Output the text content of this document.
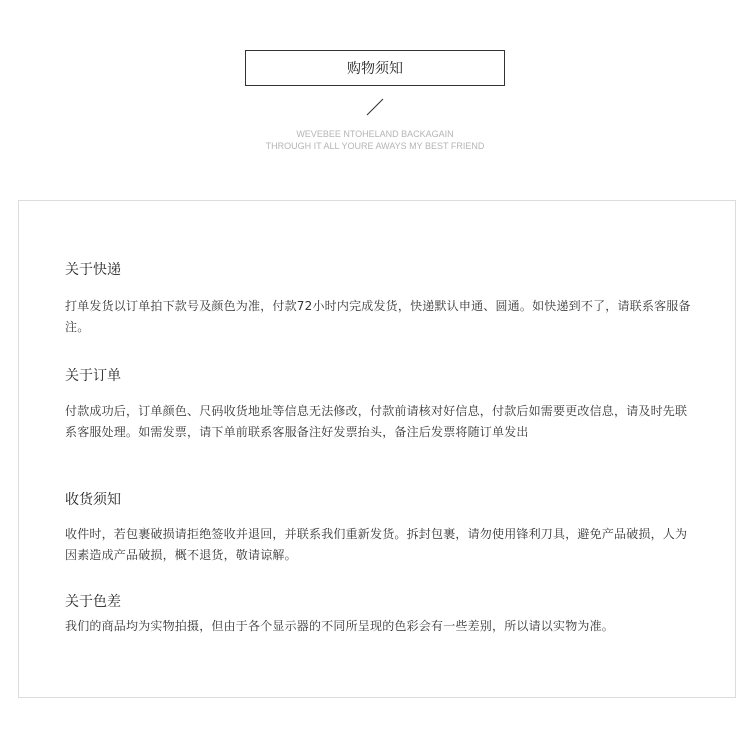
购物须知
WEVEBEE NTOHELAND BACKAGAIN
THROUGH IT ALL YOURE AWAYS MY BEST FRIEND
关于快递
打单发货以订单拍下款号及颜色为准，付款72小时内完成发货，快递默认申通、圆通。如快递到不了，请联系客服备注。
关于订单
付款成功后，订单颜色、尺码收货地址等信息无法修改，付款前请核对好信息，付款后如需要更改信息，请及时先联系客服处理。如需发票，请下单前联系客服备注好发票抬头，备注后发票将随订单发出
收货须知
收件时，若包裹破损请拒绝签收并退回，并联系我们重新发货。拆封包裹，请勿使用锋利刀具，避免产品破损，人为因素造成产品破损，概不退货，敬请谅解。
关于色差
我们的商品均为实物拍摄，但由于各个显示器的不同所呈现的色彩会有一些差别，所以请以实物为准。
